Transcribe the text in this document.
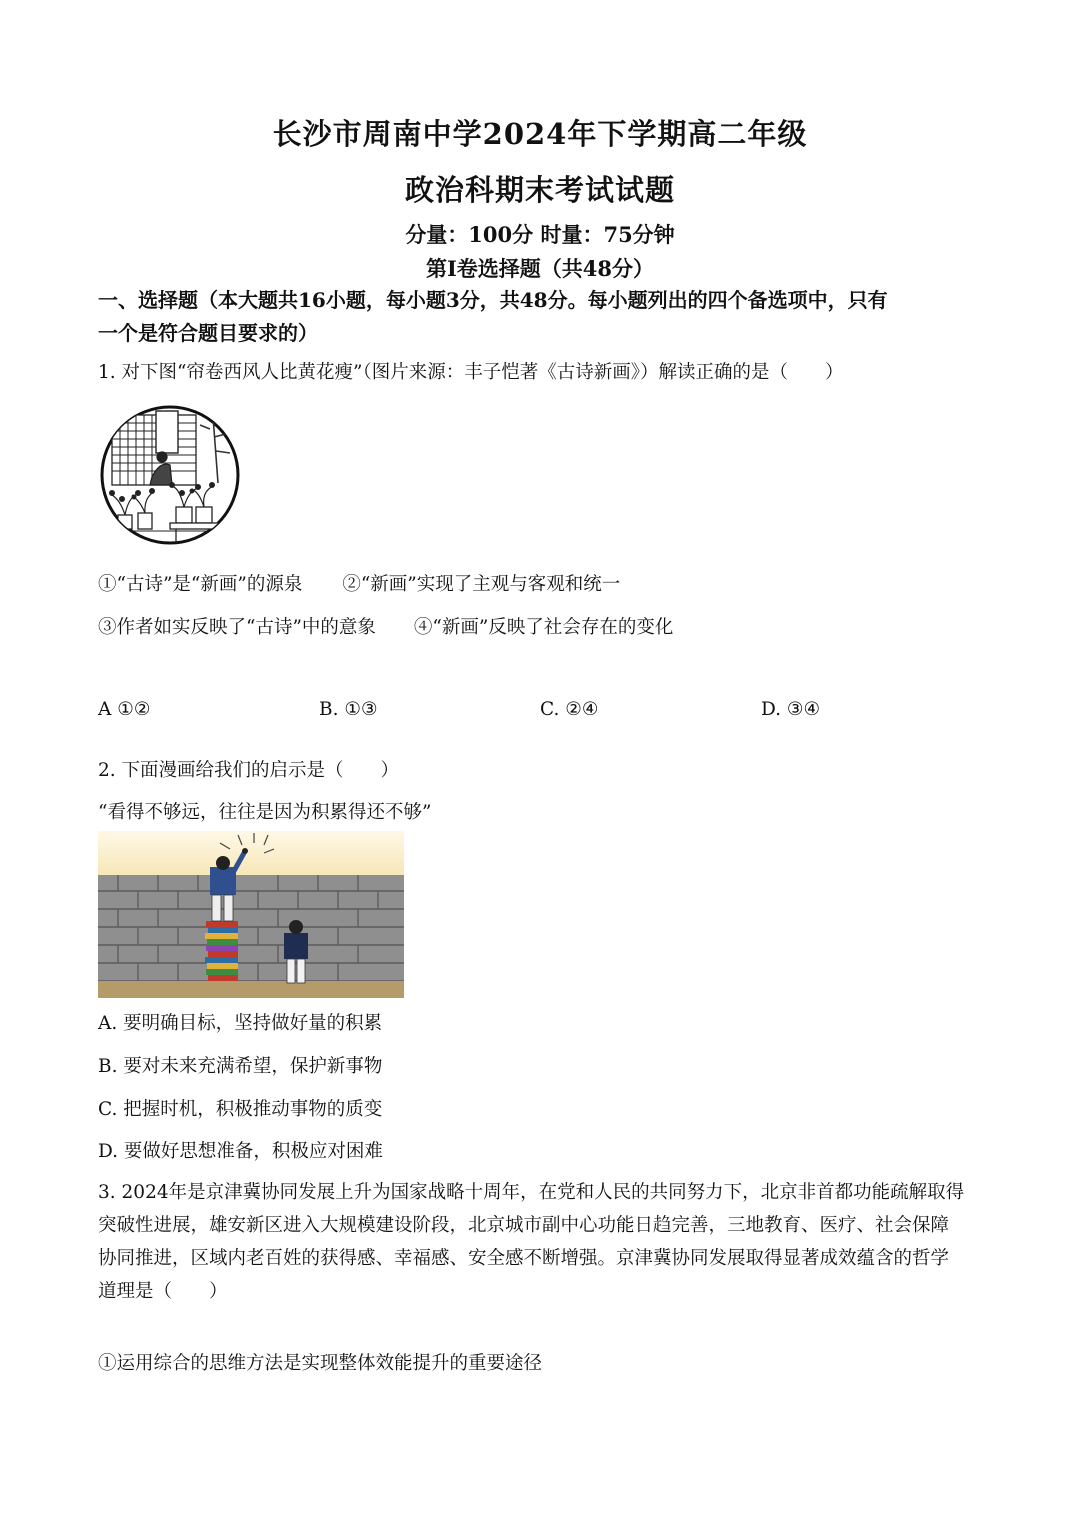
长沙市周南中学2024年下学期高二年级
政治科期末考试试题
分量：100分 时量：75分钟
第Ⅰ卷选择题（共48分）
一、选择题（本大题共16小题，每小题3分，共48分。每小题列出的四个备选项中，只有
一个是符合题目要求的）
1. 对下图“帘卷西风人比黄花瘦”（图片来源：丰子恺著《古诗新画》）解读正确的是（　　）
①“古诗”是“新画”的源泉 ②“新画”实现了主观与客观和统一
③作者如实反映了“古诗”中的意象 ④“新画”反映了社会存在的变化
A ①②	B. ①③	C. ②④	D. ③④
2. 下面漫画给我们的启示是（　　）
“看得不够远，往往是因为积累得还不够”
A. 要明确目标，坚持做好量的积累
B. 要对未来充满希望，保护新事物
C. 把握时机，积极推动事物的质变
D. 要做好思想准备，积极应对困难
3. 2024年是京津冀协同发展上升为国家战略十周年，在党和人民的共同努力下，北京非首都功能疏解取得
突破性进展，雄安新区进入大规模建设阶段，北京城市副中心功能日趋完善，三地教育、医疗、社会保障
协同推进，区域内老百姓的获得感、幸福感、安全感不断增强。京津冀协同发展取得显著成效蕴含的哲学
道理是（　　）
①运用综合的思维方法是实现整体效能提升的重要途径
